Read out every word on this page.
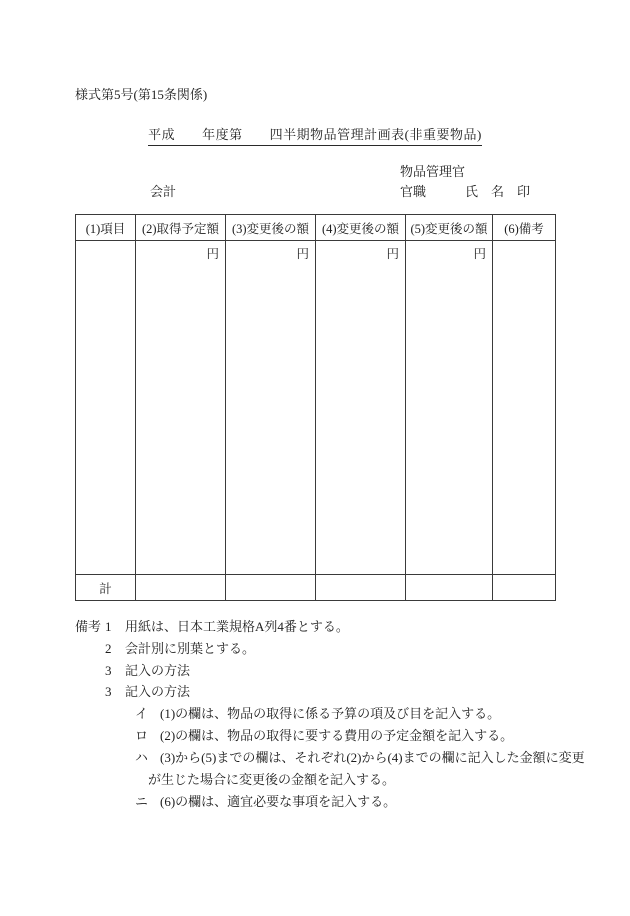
様式第5号(第15条関係)
平成　　年度第　　四半期物品管理計画表(非重要物品)
物品管理官
会計	官職　　　氏　名　印
(1)項目	(2)取得予定額	(3)変更後の額	(4)変更後の額	(5)変更後の額	(6)備考
	円	円	円	円	
計					
備考 1 用紙は、日本工業規格A列4番とする。
2 会計別に別葉とする。
3 記入の方法
3 記入の方法
イ (1)の欄は、物品の取得に係る予算の項及び目を記入する。
ロ (2)の欄は、物品の取得に要する費用の予定金額を記入する。
ハ (3)から(5)までの欄は、それぞれ(2)から(4)までの欄に記入した金額に変更
が生じた場合に変更後の金額を記入する。
ニ (6)の欄は、適宜必要な事項を記入する。
